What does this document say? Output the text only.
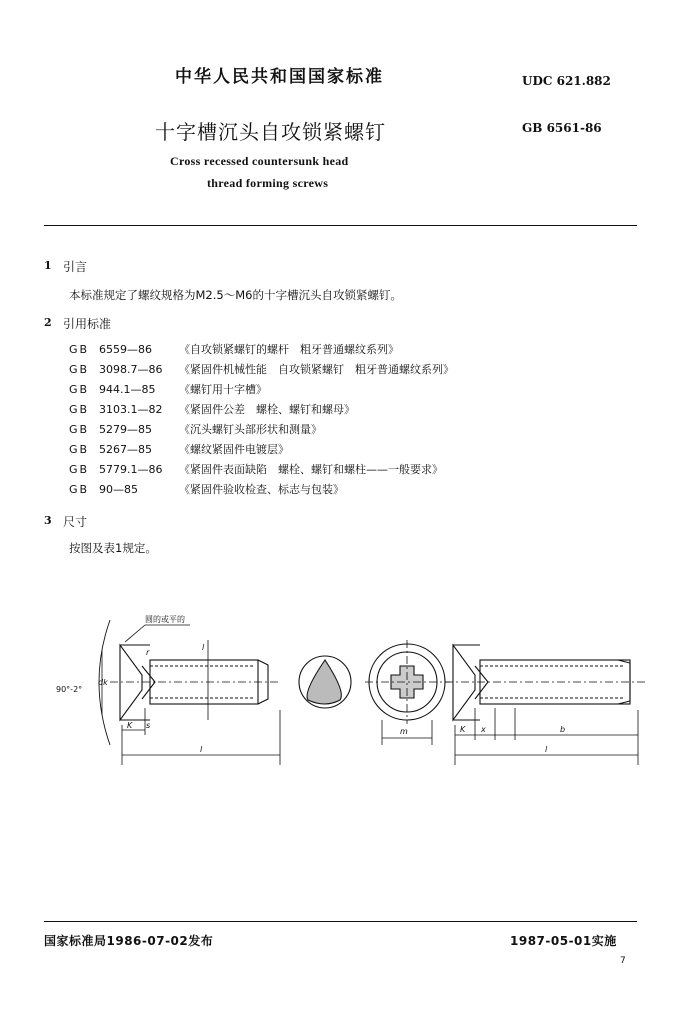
中华人民共和国国家标准	UDC 621.882
十字槽沉头自攻锁紧螺钉	GB 6561-86
Cross recessed countersunk head
thread forming screws
1 引言
本标准规定了螺纹规格为M2.5～M6的十字槽沉头自攻锁紧螺钉。
2 引用标准
GB 6559—86 《自攻锁紧螺钉的螺杆　粗牙普通螺纹系列》
GB 3098.7—86 《紧固件机械性能　自攻锁紧螺钉　粗牙普通螺纹系列》
GB 944.1—85 《螺钉用十字槽》
GB 3103.1—82 《紧固件公差　螺栓、螺钉和螺母》
GB 5279—85 《沉头螺钉头部形状和测量》
GB 5267—85 《螺纹紧固件电镀层》
GB 5779.1—86 《紧固件表面缺陷　螺栓、螺钉和螺柱——一般要求》
GB 90—85	《紧固件验收检查、标志与包装》
3 尺寸
按图及表1规定。
圆的或平的
90°-2°
dk
r
l
K s
l
m	K x	b
l
国家标准局1986-07-02发布	1987-05-01实施
7
